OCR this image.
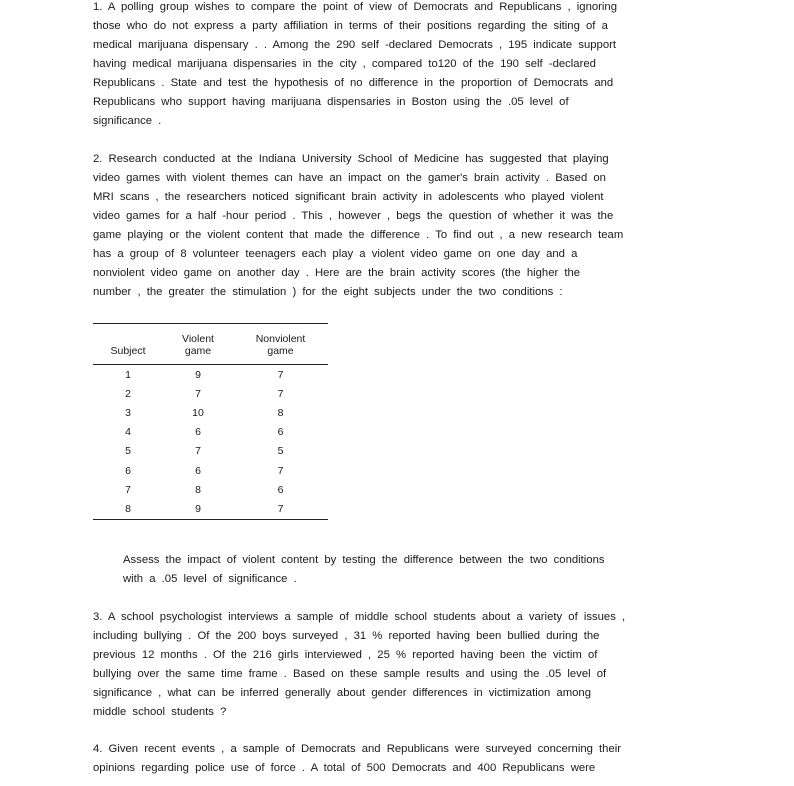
1. A polling group wishes to compare the point of view of Democrats and Republicans , ignoring
those who do not express a party affiliation in terms of their positions regarding the siting of a
medical marijuana dispensary . . Among the 290 self -declared Democrats , 195 indicate support
having medical marijuana dispensaries in the city , compared to120 of the 190 self -declared
Republicans . State and test the hypothesis of no difference in the proportion of Democrats and
Republicans who support having marijuana dispensaries in Boston using the .05 level of
significance .
2. Research conducted at the Indiana University School of Medicine has suggested that playing
video games with violent themes can have an impact on the gamer's brain activity . Based on
MRI scans , the researchers noticed significant brain activity in adolescents who played violent
video games for a half -hour period . This , however , begs the question of whether it was the
game playing or the violent content that made the difference . To find out , a new research team
has a group of 8 volunteer teenagers each play a violent video game on one day and a
nonviolent video game on another day . Here are the brain activity scores (the higher the
number , the greater the stimulation ) for the eight subjects under the two conditions :
	Violent	Nonviolent
Subject	game	game
1	9	7
2	7	7
3	10	8
4	6	6
5	7	5
6	6	7
7	8	6
8	9	7
Assess the impact of violent content by testing the difference between the two conditions
with a .05 level of significance .
3. A school psychologist interviews a sample of middle school students about a variety of issues ,
including bullying . Of the 200 boys surveyed , 31 % reported having been bullied during the
previous 12 months . Of the 216 girls interviewed , 25 % reported having been the victim of
bullying over the same time frame . Based on these sample results and using the .05 level of
significance , what can be inferred generally about gender differences in victimization among
middle school students ?
4. Given recent events , a sample of Democrats and Republicans were surveyed concerning their
opinions regarding police use of force . A total of 500 Democrats and 400 Republicans were
